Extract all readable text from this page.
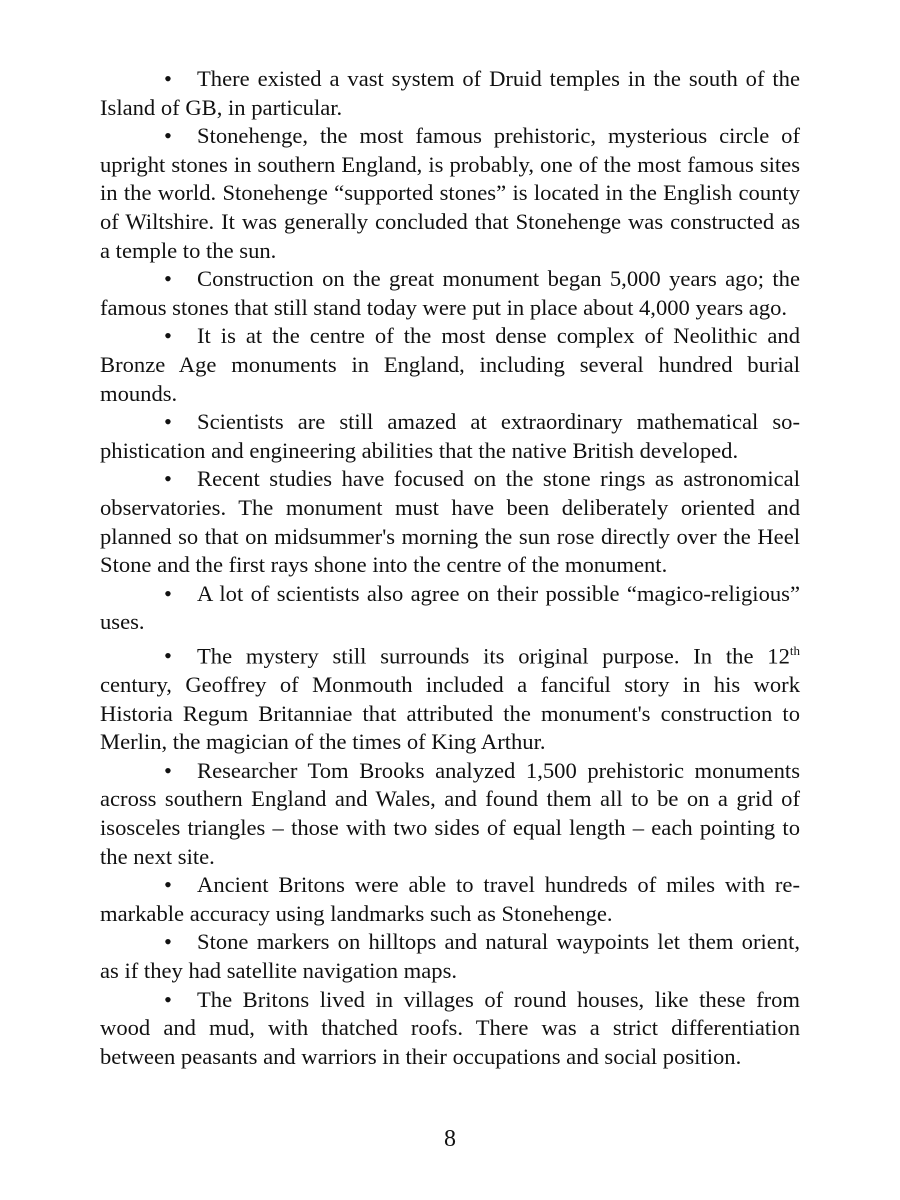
• There existed a vast system of Druid temples in the south of the Island of GB, in particular.
• Stonehenge, the most famous prehistoric, mysterious circle of upright stones in southern England, is probably, one of the most famous sites in the world. Stonehenge “supported stones” is located in the English county of Wiltshire. It was generally concluded that Stonehenge was constructed as a temple to the sun.
• Construction on the great monument began 5,000 years ago; the famous stones that still stand today were put in place about 4,000 years ago.
• It is at the centre of the most dense complex of Neolithic and Bronze Age monuments in England, including several hundred burial mounds.
• Scientists are still amazed at extraordinary mathematical sophistication and engineering abilities that the native British developed.
• Recent studies have focused on the stone rings as astronomical observatories. The monument must have been deliberately oriented and planned so that on midsummer's morning the sun rose directly over the Heel Stone and the first rays shone into the centre of the monument.
• A lot of scientists also agree on their possible “magico-religious” uses.
• The mystery still surrounds its original purpose. In the 12th century, Geoffrey of Monmouth included a fanciful story in his work Historia Regum Britanniae that attributed the monument's construction to Merlin, the magician of the times of King Arthur.
• Researcher Tom Brooks analyzed 1,500 prehistoric monuments across southern England and Wales, and found them all to be on a grid of isosceles triangles – those with two sides of equal length – each pointing to the next site.
• Ancient Britons were able to travel hundreds of miles with remarkable accuracy using landmarks such as Stonehenge.
• Stone markers on hilltops and natural waypoints let them orient, as if they had satellite navigation maps.
• The Britons lived in villages of round houses, like these from wood and mud, with thatched roofs. There was a strict differentiation between peasants and warriors in their occupations and social position.
8
